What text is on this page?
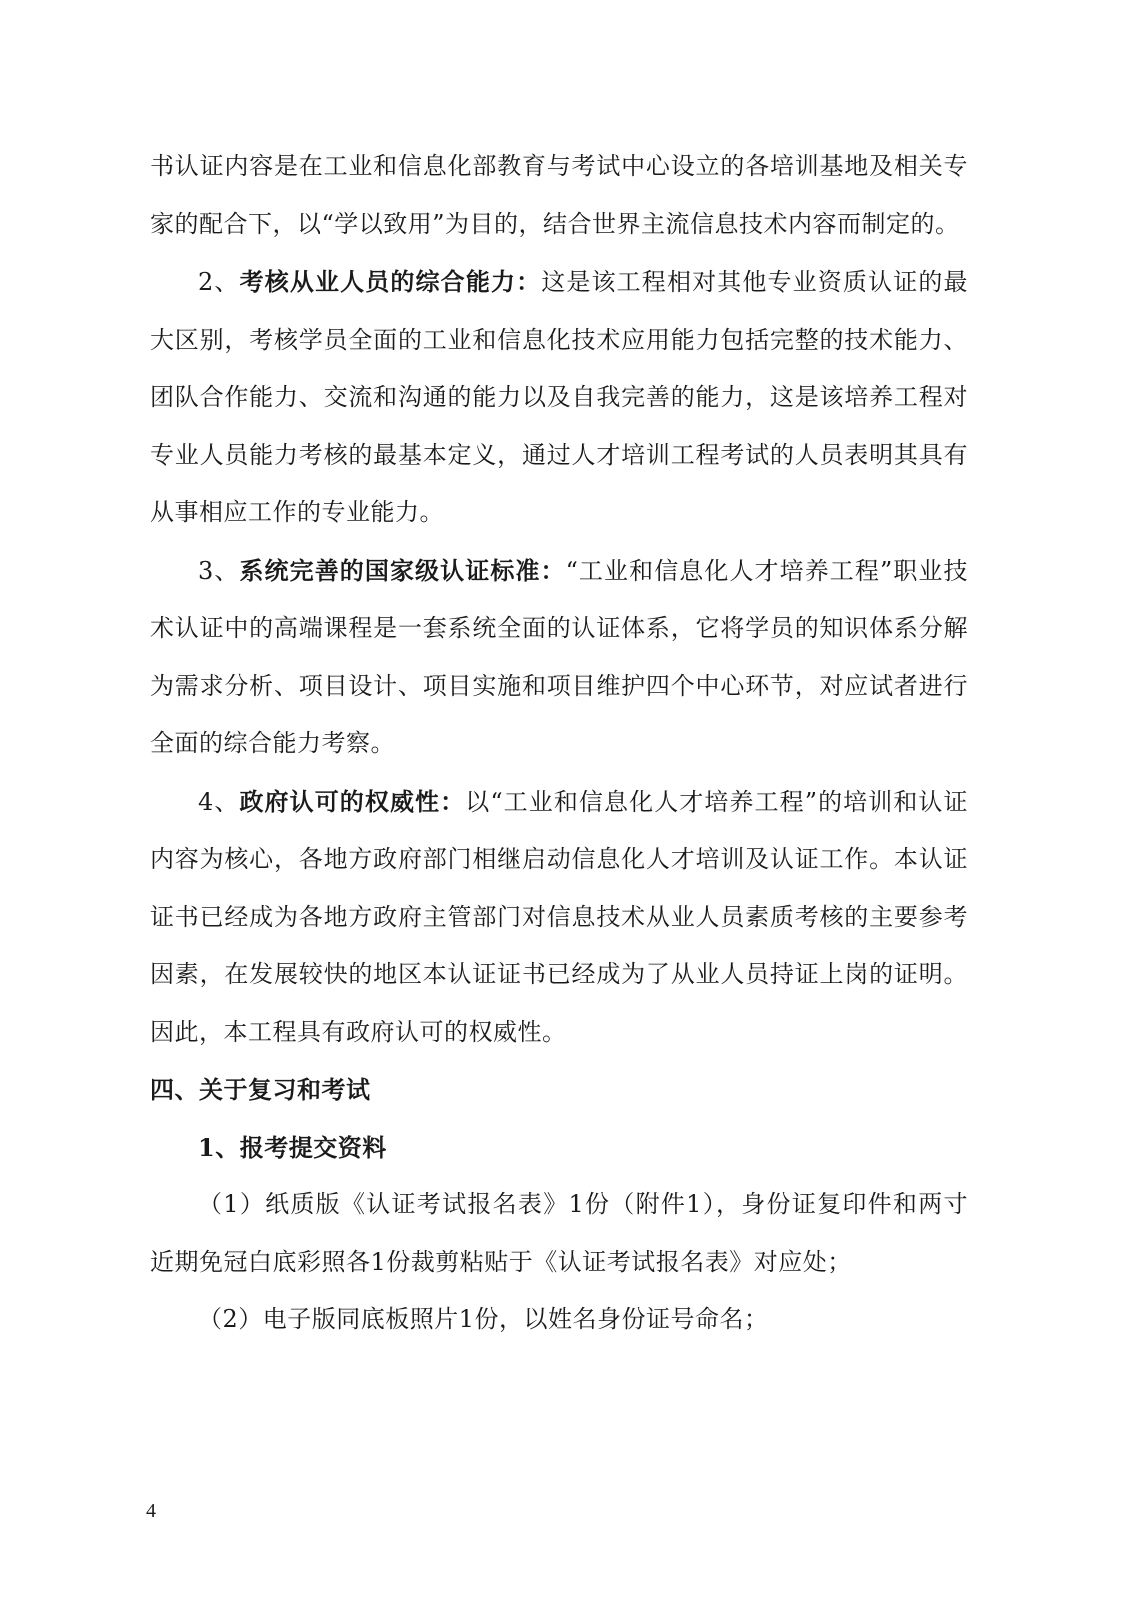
书认证内容是在工业和信息化部教育与考试中心设立的各培训基地及相关专家的配合下，以“学以致用”为目的，结合世界主流信息技术内容而制定的。

2、考核从业人员的综合能力：这是该工程相对其他专业资质认证的最大区别，考核学员全面的工业和信息化技术应用能力包括完整的技术能力、团队合作能力、交流和沟通的能力以及自我完善的能力，这是该培养工程对专业人员能力考核的最基本定义，通过人才培训工程考试的人员表明其具有从事相应工作的专业能力。

3、系统完善的国家级认证标准：“工业和信息化人才培养工程”职业技术认证中的高端课程是一套系统全面的认证体系，它将学员的知识体系分解为需求分析、项目设计、项目实施和项目维护四个中心环节，对应试者进行全面的综合能力考察。

4、政府认可的权威性：以“工业和信息化人才培养工程”的培训和认证内容为核心，各地方政府部门相继启动信息化人才培训及认证工作。本认证证书已经成为各地方政府主管部门对信息技术从业人员素质考核的主要参考因素，在发展较快的地区本认证证书已经成为了从业人员持证上岗的证明。因此，本工程具有政府认可的权威性。

四、关于复习和考试

1、报考提交资料

（1）纸质版《认证考试报名表》1份（附件1），身份证复印件和两寸近期免冠白底彩照各1份裁剪粘贴于《认证考试报名表》对应处；

（2）电子版同底板照片1份，以姓名身份证号命名；

4
